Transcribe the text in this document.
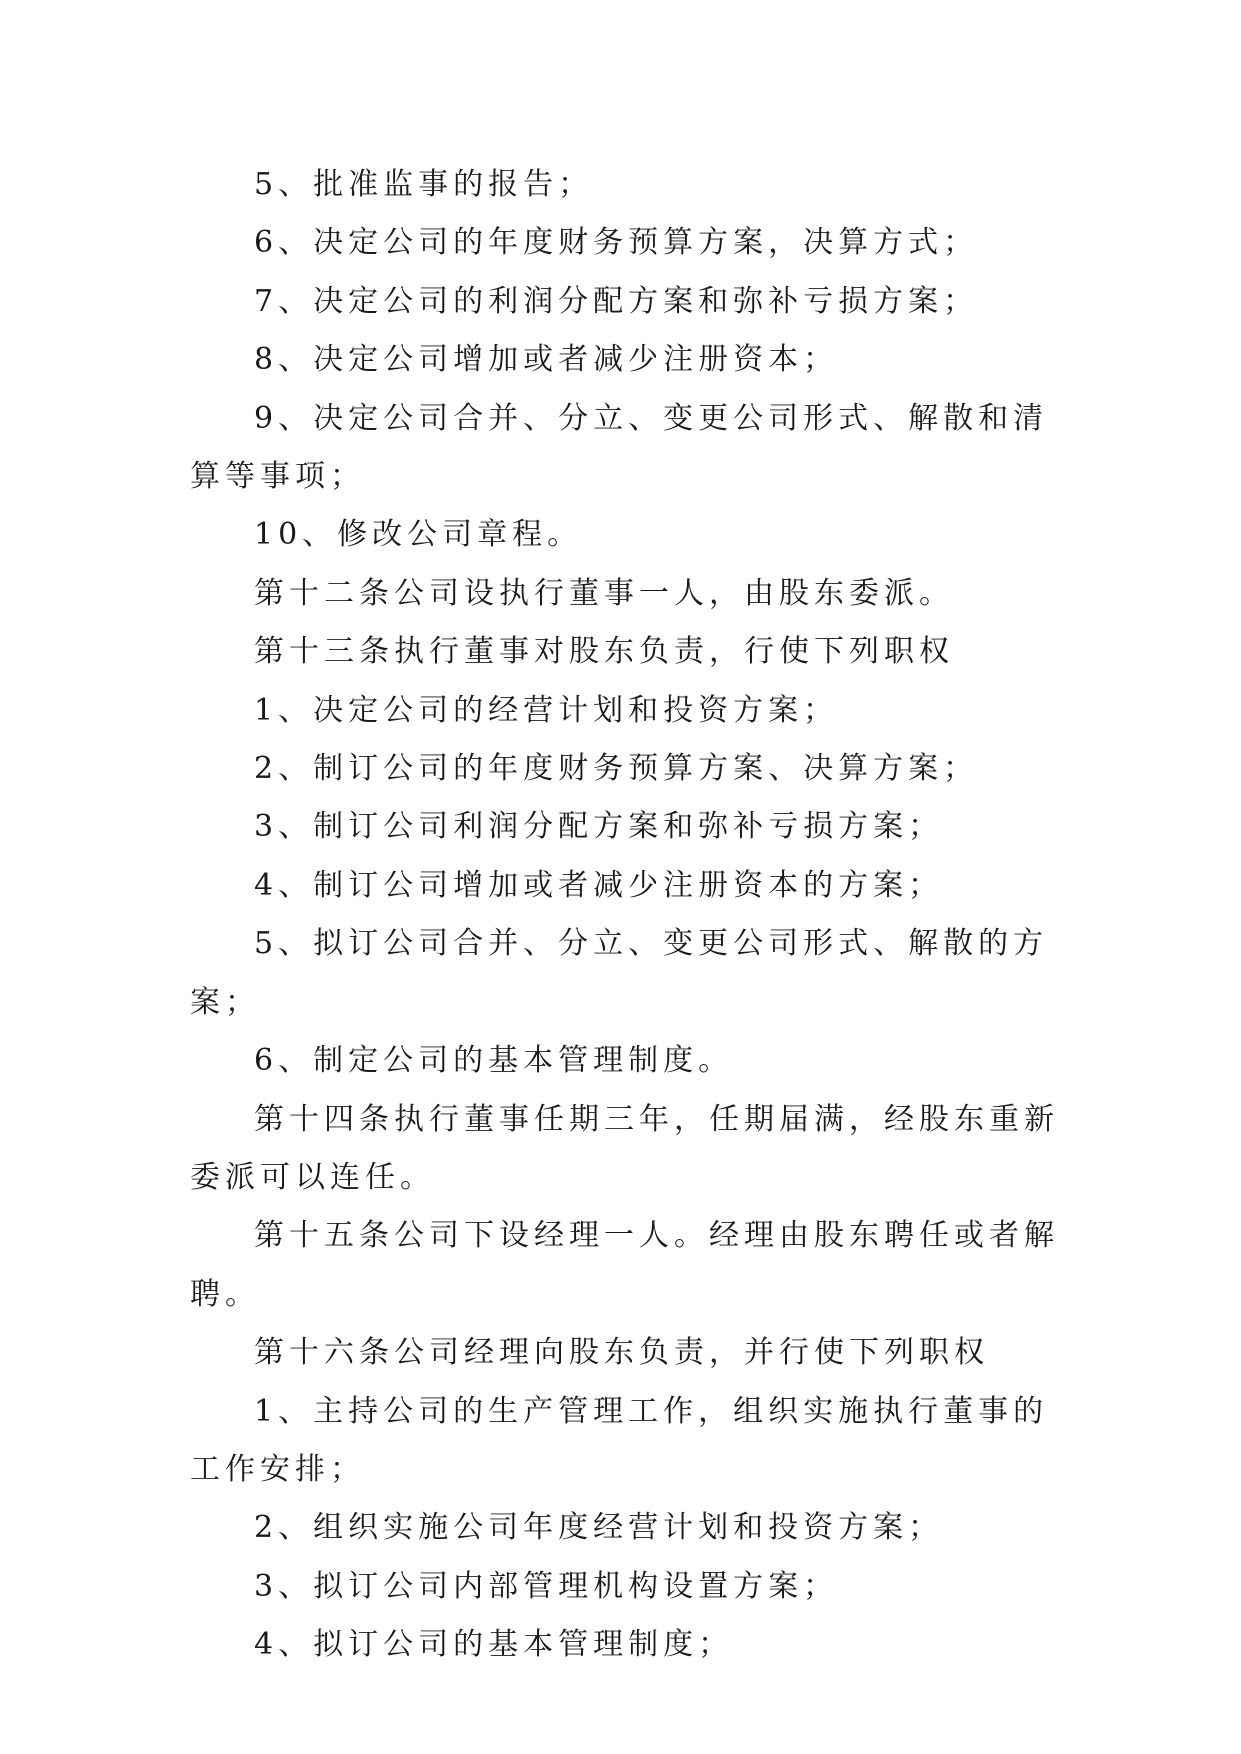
5、批准监事的报告；

6、决定公司的年度财务预算方案，决算方式；

7、决定公司的利润分配方案和弥补亏损方案；

8、决定公司增加或者减少注册资本；

9、决定公司合并、分立、变更公司形式、解散和清算等事项；

10、修改公司章程。

第十二条公司设执行董事一人，由股东委派。

第十三条执行董事对股东负责，行使下列职权

1、决定公司的经营计划和投资方案；

2、制订公司的年度财务预算方案、决算方案；

3、制订公司利润分配方案和弥补亏损方案；

4、制订公司增加或者减少注册资本的方案；

5、拟订公司合并、分立、变更公司形式、解散的方案；

6、制定公司的基本管理制度。

第十四条执行董事任期三年，任期届满，经股东重新委派可以连任。

第十五条公司下设经理一人。经理由股东聘任或者解聘。

第十六条公司经理向股东负责，并行使下列职权

1、主持公司的生产管理工作，组织实施执行董事的工作安排；

2、组织实施公司年度经营计划和投资方案；

3、拟订公司内部管理机构设置方案；

4、拟订公司的基本管理制度；
